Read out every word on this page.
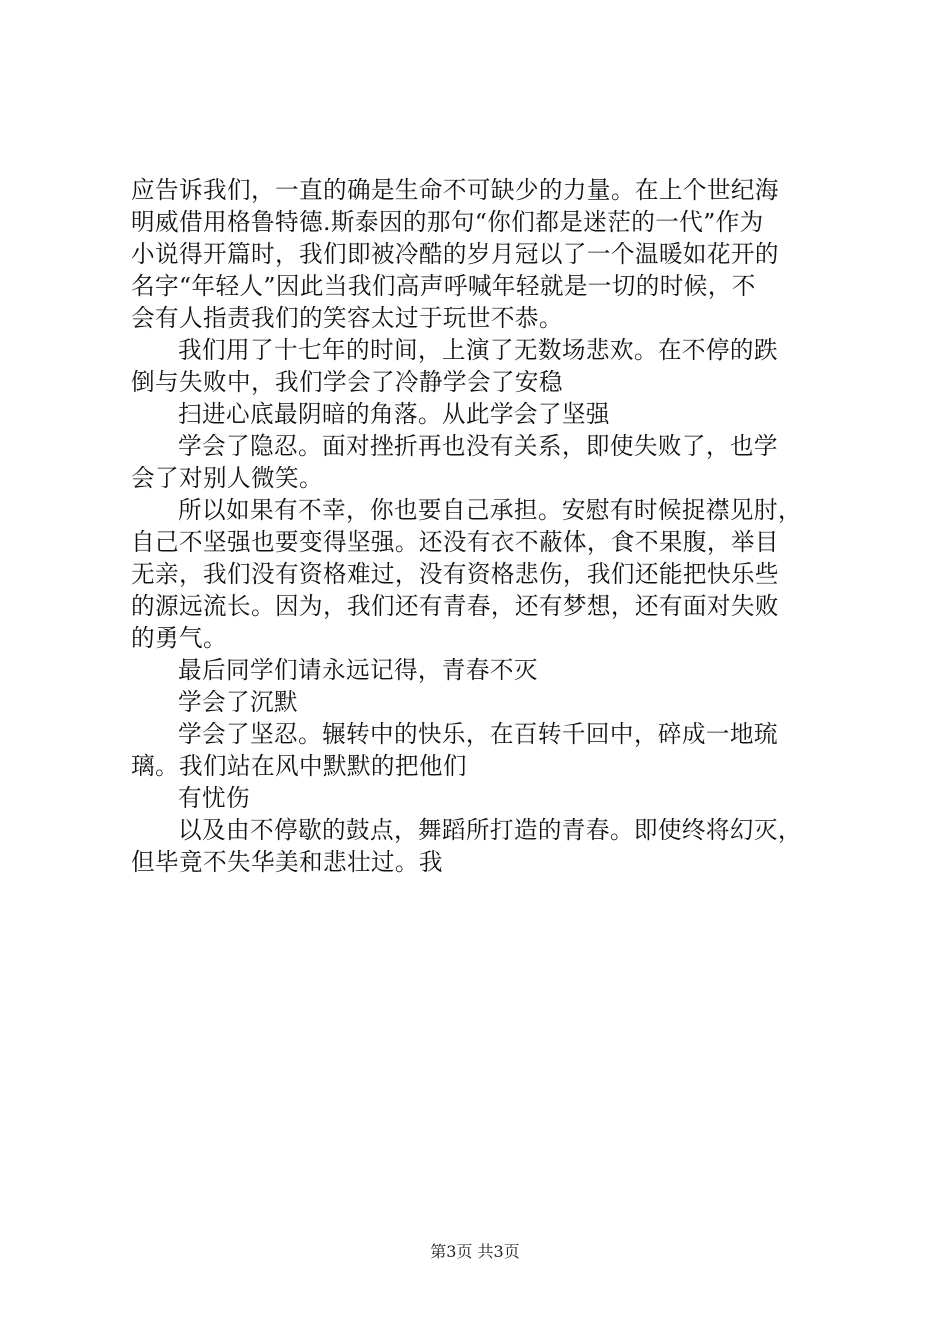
应告诉我们，一直的确是生命不可缺少的力量。在上个世纪海
明威借用格鲁特德.斯泰因的那句“你们都是迷茫的一代”作为
小说得开篇时，我们即被冷酷的岁月冠以了一个温暖如花开的
名字“年轻人”因此当我们高声呼喊年轻就是一切的时候，不
会有人指责我们的笑容太过于玩世不恭。
我们用了十七年的时间，上演了无数场悲欢。在不停的跌
倒与失败中，我们学会了冷静学会了安稳
扫进心底最阴暗的角落。从此学会了坚强
学会了隐忍。面对挫折再也没有关系，即使失败了，也学
会了对别人微笑。
所以如果有不幸，你也要自己承担。安慰有时候捉襟见肘，
自己不坚强也要变得坚强。还没有衣不蔽体，食不果腹，举目
无亲，我们没有资格难过，没有资格悲伤，我们还能把快乐些
的源远流长。因为，我们还有青春，还有梦想，还有面对失败
的勇气。
最后同学们请永远记得，青春不灭
学会了沉默
学会了坚忍。辗转中的快乐，在百转千回中，碎成一地琉
璃。我们站在风中默默的把他们
有忧伤
以及由不停歇的鼓点，舞蹈所打造的青春。即使终将幻灭，
但毕竟不失华美和悲壮过。我
第3页 共3页
